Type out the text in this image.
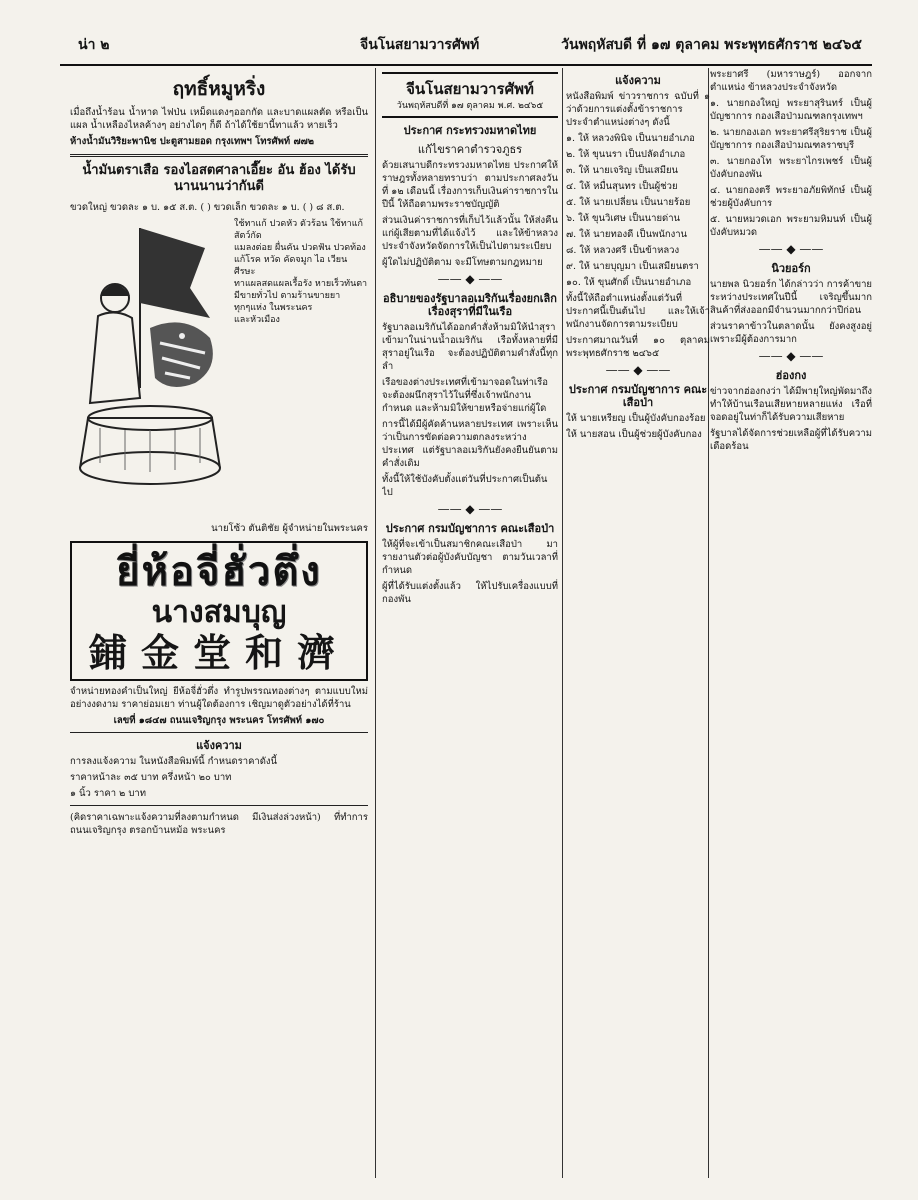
น่า ๒	จีนโนสยามวารศัพท์	วันพฤหัสบดี ที่ ๑๗ ตุลาคม พระพุทธศักราช ๒๔๖๕
ฤทธิ์หมูหริ่ง

เมื่อถึงน้ำร้อน น้ำหาด ไฟป่น เหม็ดแดงๆออกกัด และบาดแผลตัด หรือเป็นแผล น้ำเหลืองไหลค้างๆ อย่างไดๆ ก็ดี ถ้าได้ใช้ยานี้ทาแล้ว หายเร็ว

ห้างน้ำมันวิริยะพานิช ปะตูสามยอด กรุงเทพฯ โทรศัพท์ ๗๗๒

น้ำมันตราเสือ รองไอสตศาลาเอี๊ยะ อัน ฮ้อง ได้รับนานนานว่ากันดี

ขวดใหญ่ ขวดละ ๑ บ. ๑๕ ส.ต. ( ) ขวดเล็ก ขวดละ ๑ บ. ( ) ๘ ส.ต.

ใช้ทาแก้ ปวดหัว ตัวร้อน ใช้ทาแก้ สัตว์กัด
แมลงต่อย ผื่นคัน ปวดฟัน ปวดท้อง
แก้โรค หวัด คัดจมูก ไอ เวียนศีรษะ
ทาแผลสดแผลเรื้อรัง หายเร็วทันตา
มีขายทั่วไป ตามร้านขายยา
ทุกๆแห่ง ในพระนคร
และหัวเมือง

นายโซ้ว ตันติชัย ผู้จำหน่ายในพระนคร

ยี่ห้อจี่ฮั่วตึ่ง
นางสมบุญ
鋪金堂和濟

จำหน่ายทองคำเป็นใหญ่ ยีห้อจี่ฮั่วตึ่ง ทำรูปพรรณทองต่างๆ ตามแบบใหม่ อย่างงดงาม ราคาย่อมเยา ท่านผู้ใดต้องการ เชิญมาดูตัวอย่างได้ที่ร้าน

เลขที่ ๑๘๔๗ ถนนเจริญกรุง พระนคร โทรศัพท์ ๑๗๐

แจ้งความ

การลงแจ้งความ ในหนังสือพิมพ์นี้ กำหนดราคาดังนี้

ราคาหน้าละ ๓๕ บาท ครึ่งหน้า ๒๐ บาท

๑ นิ้ว ราคา ๒ บาท

(คิดราคาเฉพาะแจ้งความที่ลงตามกำหนด มีเงินส่งล่วงหน้า) ที่ทำการ ถนนเจริญกรุง ตรอกบ้านหม้อ พระนคร

จีนโนสยามวารศัพท์
วันพฤหัสบดีที่ ๑๗ ตุลาคม พ.ศ. ๒๔๖๕
ประกาศ กระทรวงมหาดไทย
แก้ไขราคาตำรวจภูธร

ด้วยเสนาบดีกระทรวงมหาดไทย ประกาศให้ราษฎรทั้งหลายทราบว่า ตามประกาศลงวันที่ ๑๒ เดือนนี้ เรื่องการเก็บเงินค่าราชการในปีนี้ ให้ถือตามพระราชบัญญัติ

ส่วนเงินค่าราชการที่เก็บไว้แล้วนั้น ให้ส่งคืนแก่ผู้เสียตามที่ได้แจ้งไว้ และให้ข้าหลวงประจำจังหวัดจัดการให้เป็นไปตามระเบียบ

ผู้ใดไม่ปฏิบัติตาม จะมีโทษตามกฎหมาย

—— ◆ ——
อธิบายของรัฐบาลอเมริกันเรื่องยกเลิกเรื่องสุราที่มีในเรือ

รัฐบาลอเมริกันได้ออกคำสั่งห้ามมิให้นำสุราเข้ามาในน่านน้ำอเมริกัน เรือทั้งหลายที่มีสุราอยู่ในเรือ จะต้องปฏิบัติตามคำสั่งนี้ทุกลำ

เรือของต่างประเทศที่เข้ามาจอดในท่าเรือ จะต้องผนึกสุราไว้ในที่ซึ่งเจ้าพนักงานกำหนด และห้ามมิให้ขายหรือจ่ายแก่ผู้ใด

การนี้ได้มีผู้คัดค้านหลายประเทศ เพราะเห็นว่าเป็นการขัดต่อความตกลงระหว่างประเทศ แต่รัฐบาลอเมริกันยังคงยืนยันตามคำสั่งเดิม

ทั้งนี้ให้ใช้บังคับตั้งแต่วันที่ประกาศเป็นต้นไป

—— ◆ ——
ประกาศ กรมบัญชาการ คณะเสือป่า

ให้ผู้ที่จะเข้าเป็นสมาชิกคณะเสือป่า มารายงานตัวต่อผู้บังคับบัญชา ตามวันเวลาที่กำหนด

ผู้ที่ได้รับแต่งตั้งแล้ว ให้ไปรับเครื่องแบบที่กองพัน

แจ้งความ

หนังสือพิมพ์ ข่าวราชการ ฉบับที่ ๑ ว่าด้วยการแต่งตั้งข้าราชการ ประจำตำแหน่งต่างๆ ดังนี้

๑. ให้ หลวงพินิจ เป็นนายอำเภอ

๒. ให้ ขุนนรา เป็นปลัดอำเภอ

๓. ให้ นายเจริญ เป็นเสมียน

๔. ให้ หมื่นสุนทร เป็นผู้ช่วย

๕. ให้ นายเปลี่ยน เป็นนายร้อย

๖. ให้ ขุนวิเศษ เป็นนายด่าน

๗. ให้ นายทองดี เป็นพนักงาน

๘. ให้ หลวงศรี เป็นข้าหลวง

๙. ให้ นายบุญมา เป็นเสมียนตรา

๑๐. ให้ ขุนศักดิ์ เป็นนายอำเภอ

ทั้งนี้ให้ถือตำแหน่งตั้งแต่วันที่ประกาศนี้เป็นต้นไป และให้เจ้าพนักงานจัดการตามระเบียบ

ประกาศมาณวันที่ ๑๐ ตุลาคม พระพุทธศักราช ๒๔๖๕

—— ◆ ——
ประกาศ กรมบัญชาการ คณะเสือป่า

ให้ นายเหรียญ เป็นผู้บังคับกองร้อย

ให้ นายสอน เป็นผู้ช่วยผู้บังคับกอง

พระยาศรี (มหาราษฎร์) ออกจากตำแหน่ง ข้าหลวงประจำจังหวัด

๑. นายกองใหญ่ พระยาสุรินทร์ เป็นผู้บัญชาการ กองเสือป่ามณฑลกรุงเทพฯ

๒. นายกองเอก พระยาศรีสุริยราช เป็นผู้บัญชาการ กองเสือป่ามณฑลราชบุรี

๓. นายกองโท พระยาไกรเพชร์ เป็นผู้บังคับกองพัน

๔. นายกองตรี พระยาอภัยพิทักษ์ เป็นผู้ช่วยผู้บังคับการ

๕. นายหมวดเอก พระยามหิมนท์ เป็นผู้บังคับหมวด

—— ◆ ——
นิวยอร์ก

นายพล นิวยอร์ก ได้กล่าวว่า การค้าขายระหว่างประเทศในปีนี้ เจริญขึ้นมาก สินค้าที่ส่งออกมีจำนวนมากกว่าปีก่อน

ส่วนราคาข้าวในตลาดนั้น ยังคงสูงอยู่ เพราะมีผู้ต้องการมาก

—— ◆ ——
ฮ่องกง

ข่าวจากฮ่องกงว่า ได้มีพายุใหญ่พัดมาถึง ทำให้บ้านเรือนเสียหายหลายแห่ง เรือที่จอดอยู่ในท่าก็ได้รับความเสียหาย

รัฐบาลได้จัดการช่วยเหลือผู้ที่ได้รับความเดือดร้อน
